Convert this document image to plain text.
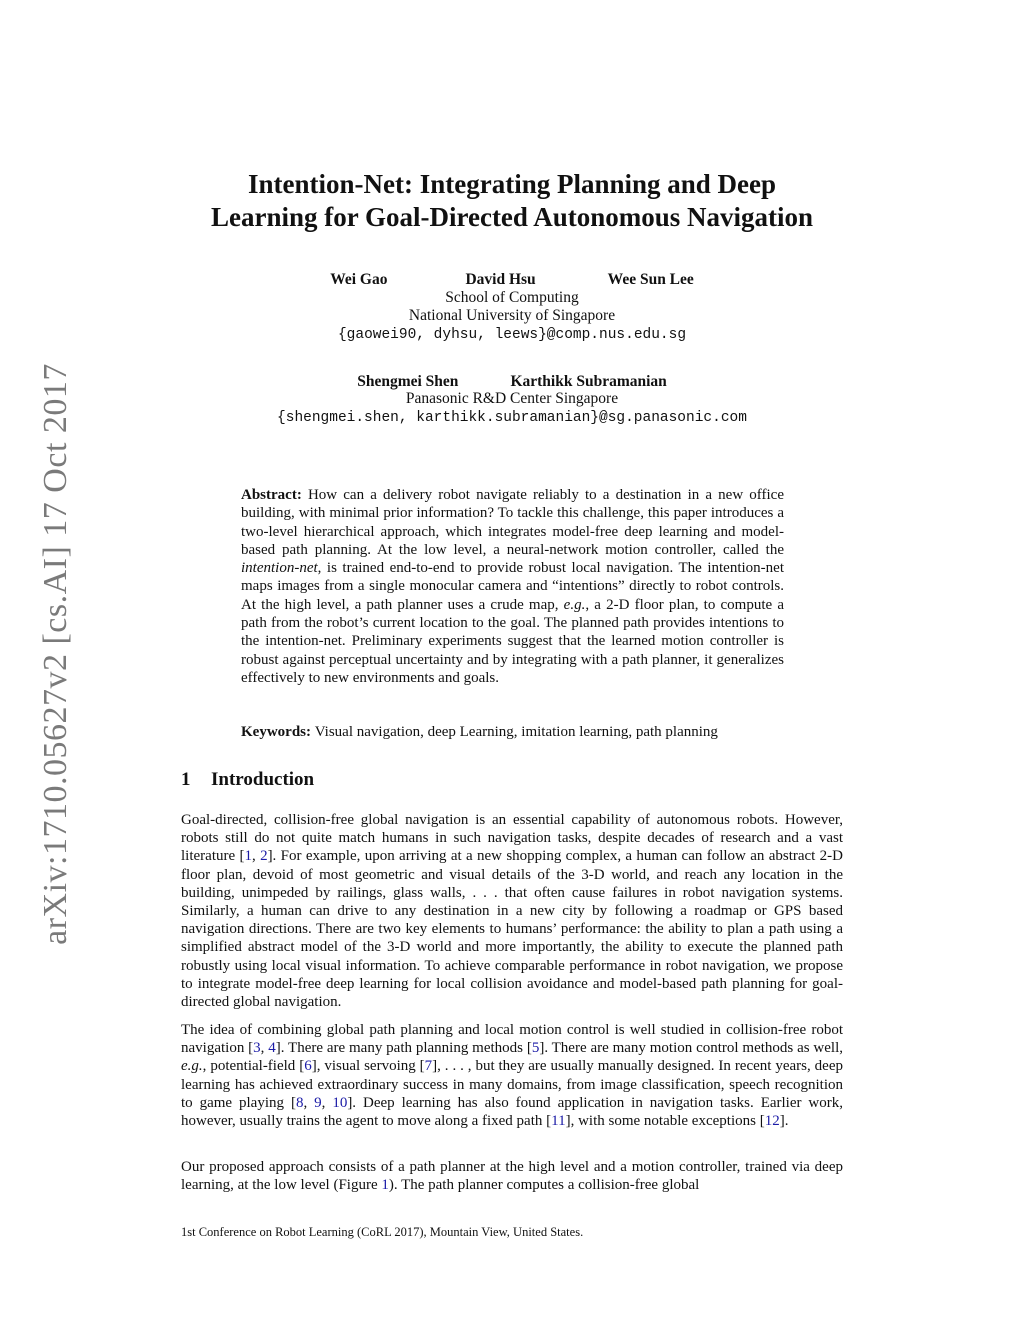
arXiv:1710.05627v2 [cs.AI] 17 Oct 2017
Intention-Net: Integrating Planning and Deep
Learning for Goal-Directed Autonomous Navigation
Wei Gao	David Hsu	Wee Sun Lee
School of Computing
National University of Singapore
{gaowei90, dyhsu, leews}@comp.nus.edu.sg
Shengmei Shen	Karthikk Subramanian
Panasonic R&D Center Singapore
{shengmei.shen, karthikk.subramanian}@sg.panasonic.com
Abstract: How can a delivery robot navigate reliably to a destination in a new office building, with minimal prior information? To tackle this challenge, this paper introduces a two-level hierarchical approach, which integrates model-free deep learning and model-based path planning. At the low level, a neural-network motion controller, called the intention-net, is trained end-to-end to provide robust local navigation. The intention-net maps images from a single monocular camera and “intentions” directly to robot controls. At the high level, a path planner uses a crude map, e.g., a 2-D floor plan, to compute a path from the robot’s current location to the goal. The planned path provides intentions to the intention-net. Preliminary experiments suggest that the learned motion controller is robust against perceptual uncertainty and by integrating with a path planner, it generalizes effectively to new environments and goals.
Keywords: Visual navigation, deep Learning, imitation learning, path planning
1 Introduction

Goal-directed, collision-free global navigation is an essential capability of autonomous robots. However, robots still do not quite match humans in such navigation tasks, despite decades of research and a vast literature [1, 2]. For example, upon arriving at a new shopping complex, a human can follow an abstract 2-D floor plan, devoid of most geometric and visual details of the 3-D world, and reach any location in the building, unimpeded by railings, glass walls, . . . that often cause failures in robot navigation systems. Similarly, a human can drive to any destination in a new city by following a roadmap or GPS based navigation directions. There are two key elements to humans’ performance: the ability to plan a path using a simplified abstract model of the 3-D world and more importantly, the ability to execute the planned path robustly using local visual information. To achieve comparable performance in robot navigation, we propose to integrate model-free deep learning for local collision avoidance and model-based path planning for goal-directed global navigation.

The idea of combining global path planning and local motion control is well studied in collision-free robot navigation [3, 4]. There are many path planning methods [5]. There are many motion control methods as well, e.g., potential-field [6], visual servoing [7], . . . , but they are usually manually designed. In recent years, deep learning has achieved extraordinary success in many domains, from image classification, speech recognition to game playing [8, 9, 10]. Deep learning has also found application in navigation tasks. Earlier work, however, usually trains the agent to move along a fixed path [11], with some notable exceptions [12].

Our proposed approach consists of a path planner at the high level and a motion controller, trained via deep learning, at the low level (Figure 1). The path planner computes a collision-free global

1st Conference on Robot Learning (CoRL 2017), Mountain View, United States.
